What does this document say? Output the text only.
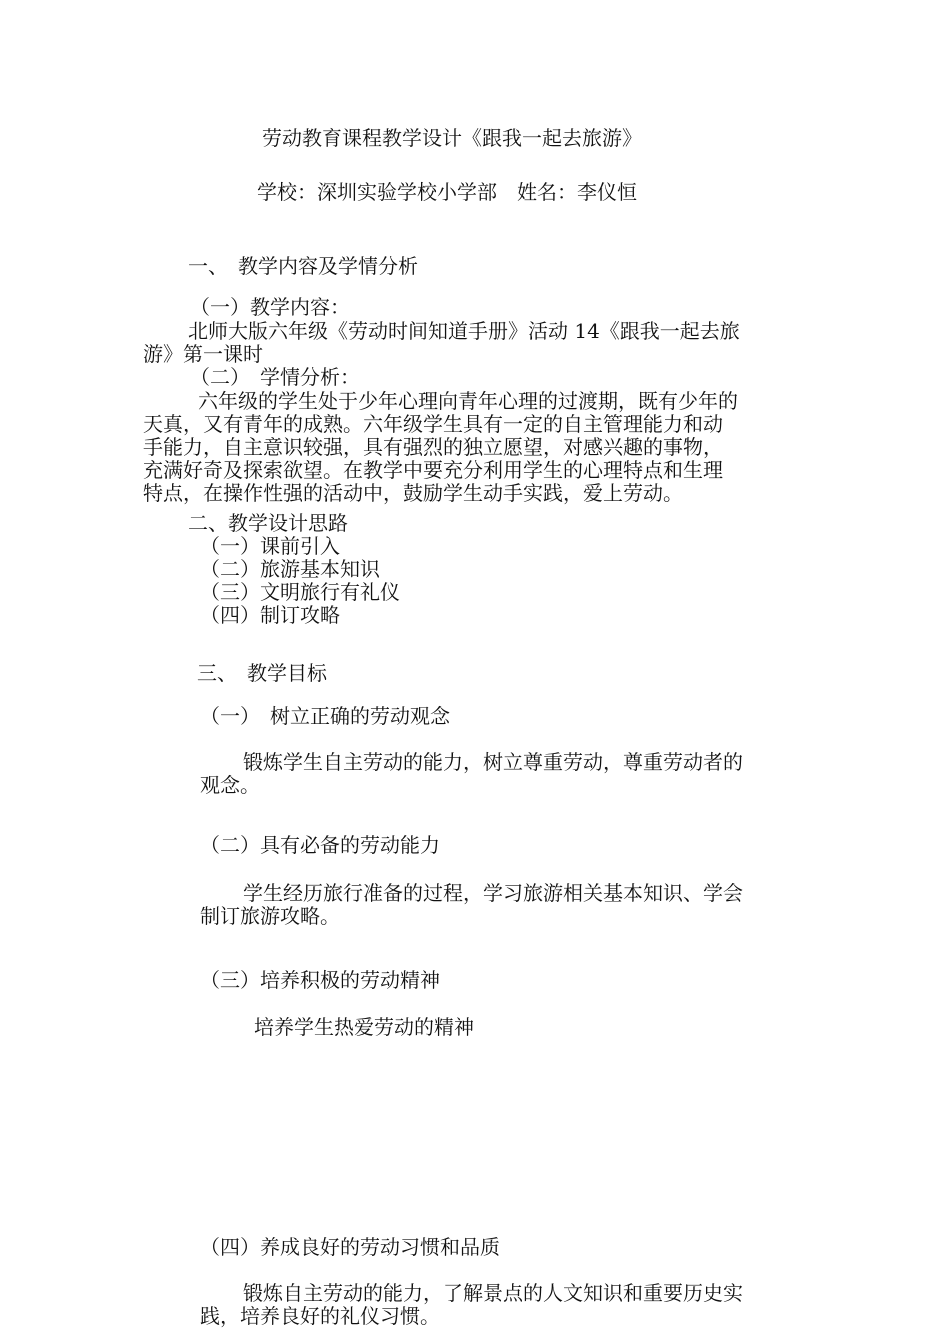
劳动教育课程教学设计《跟我一起去旅游》
学校：深圳实验学校小学部　姓名：李仪恒
一、　教学内容及学情分析
（一）教学内容：
北师大版六年级《劳动时间知道手册》活动 14《跟我一起去旅
游》第一课时
（二）　学情分析：
六年级的学生处于少年心理向青年心理的过渡期，既有少年的
天真，又有青年的成熟。六年级学生具有一定的自主管理能力和动
手能力，自主意识较强，具有强烈的独立愿望，对感兴趣的事物，
充满好奇及探索欲望。在教学中要充分利用学生的心理特点和生理
特点，在操作性强的活动中，鼓励学生动手实践，爱上劳动。
二、教学设计思路
（一）课前引入
（二）旅游基本知识
（三）文明旅行有礼仪
（四）制订攻略
三、　教学目标
（一）　树立正确的劳动观念
锻炼学生自主劳动的能力，树立尊重劳动，尊重劳动者的
观念。
（二）具有必备的劳动能力
学生经历旅行准备的过程，学习旅游相关基本知识、学会
制订旅游攻略。
（三）培养积极的劳动精神
培养学生热爱劳动的精神
（四）养成良好的劳动习惯和品质
锻炼自主劳动的能力，了解景点的人文知识和重要历史实
践，培养良好的礼仪习惯。
